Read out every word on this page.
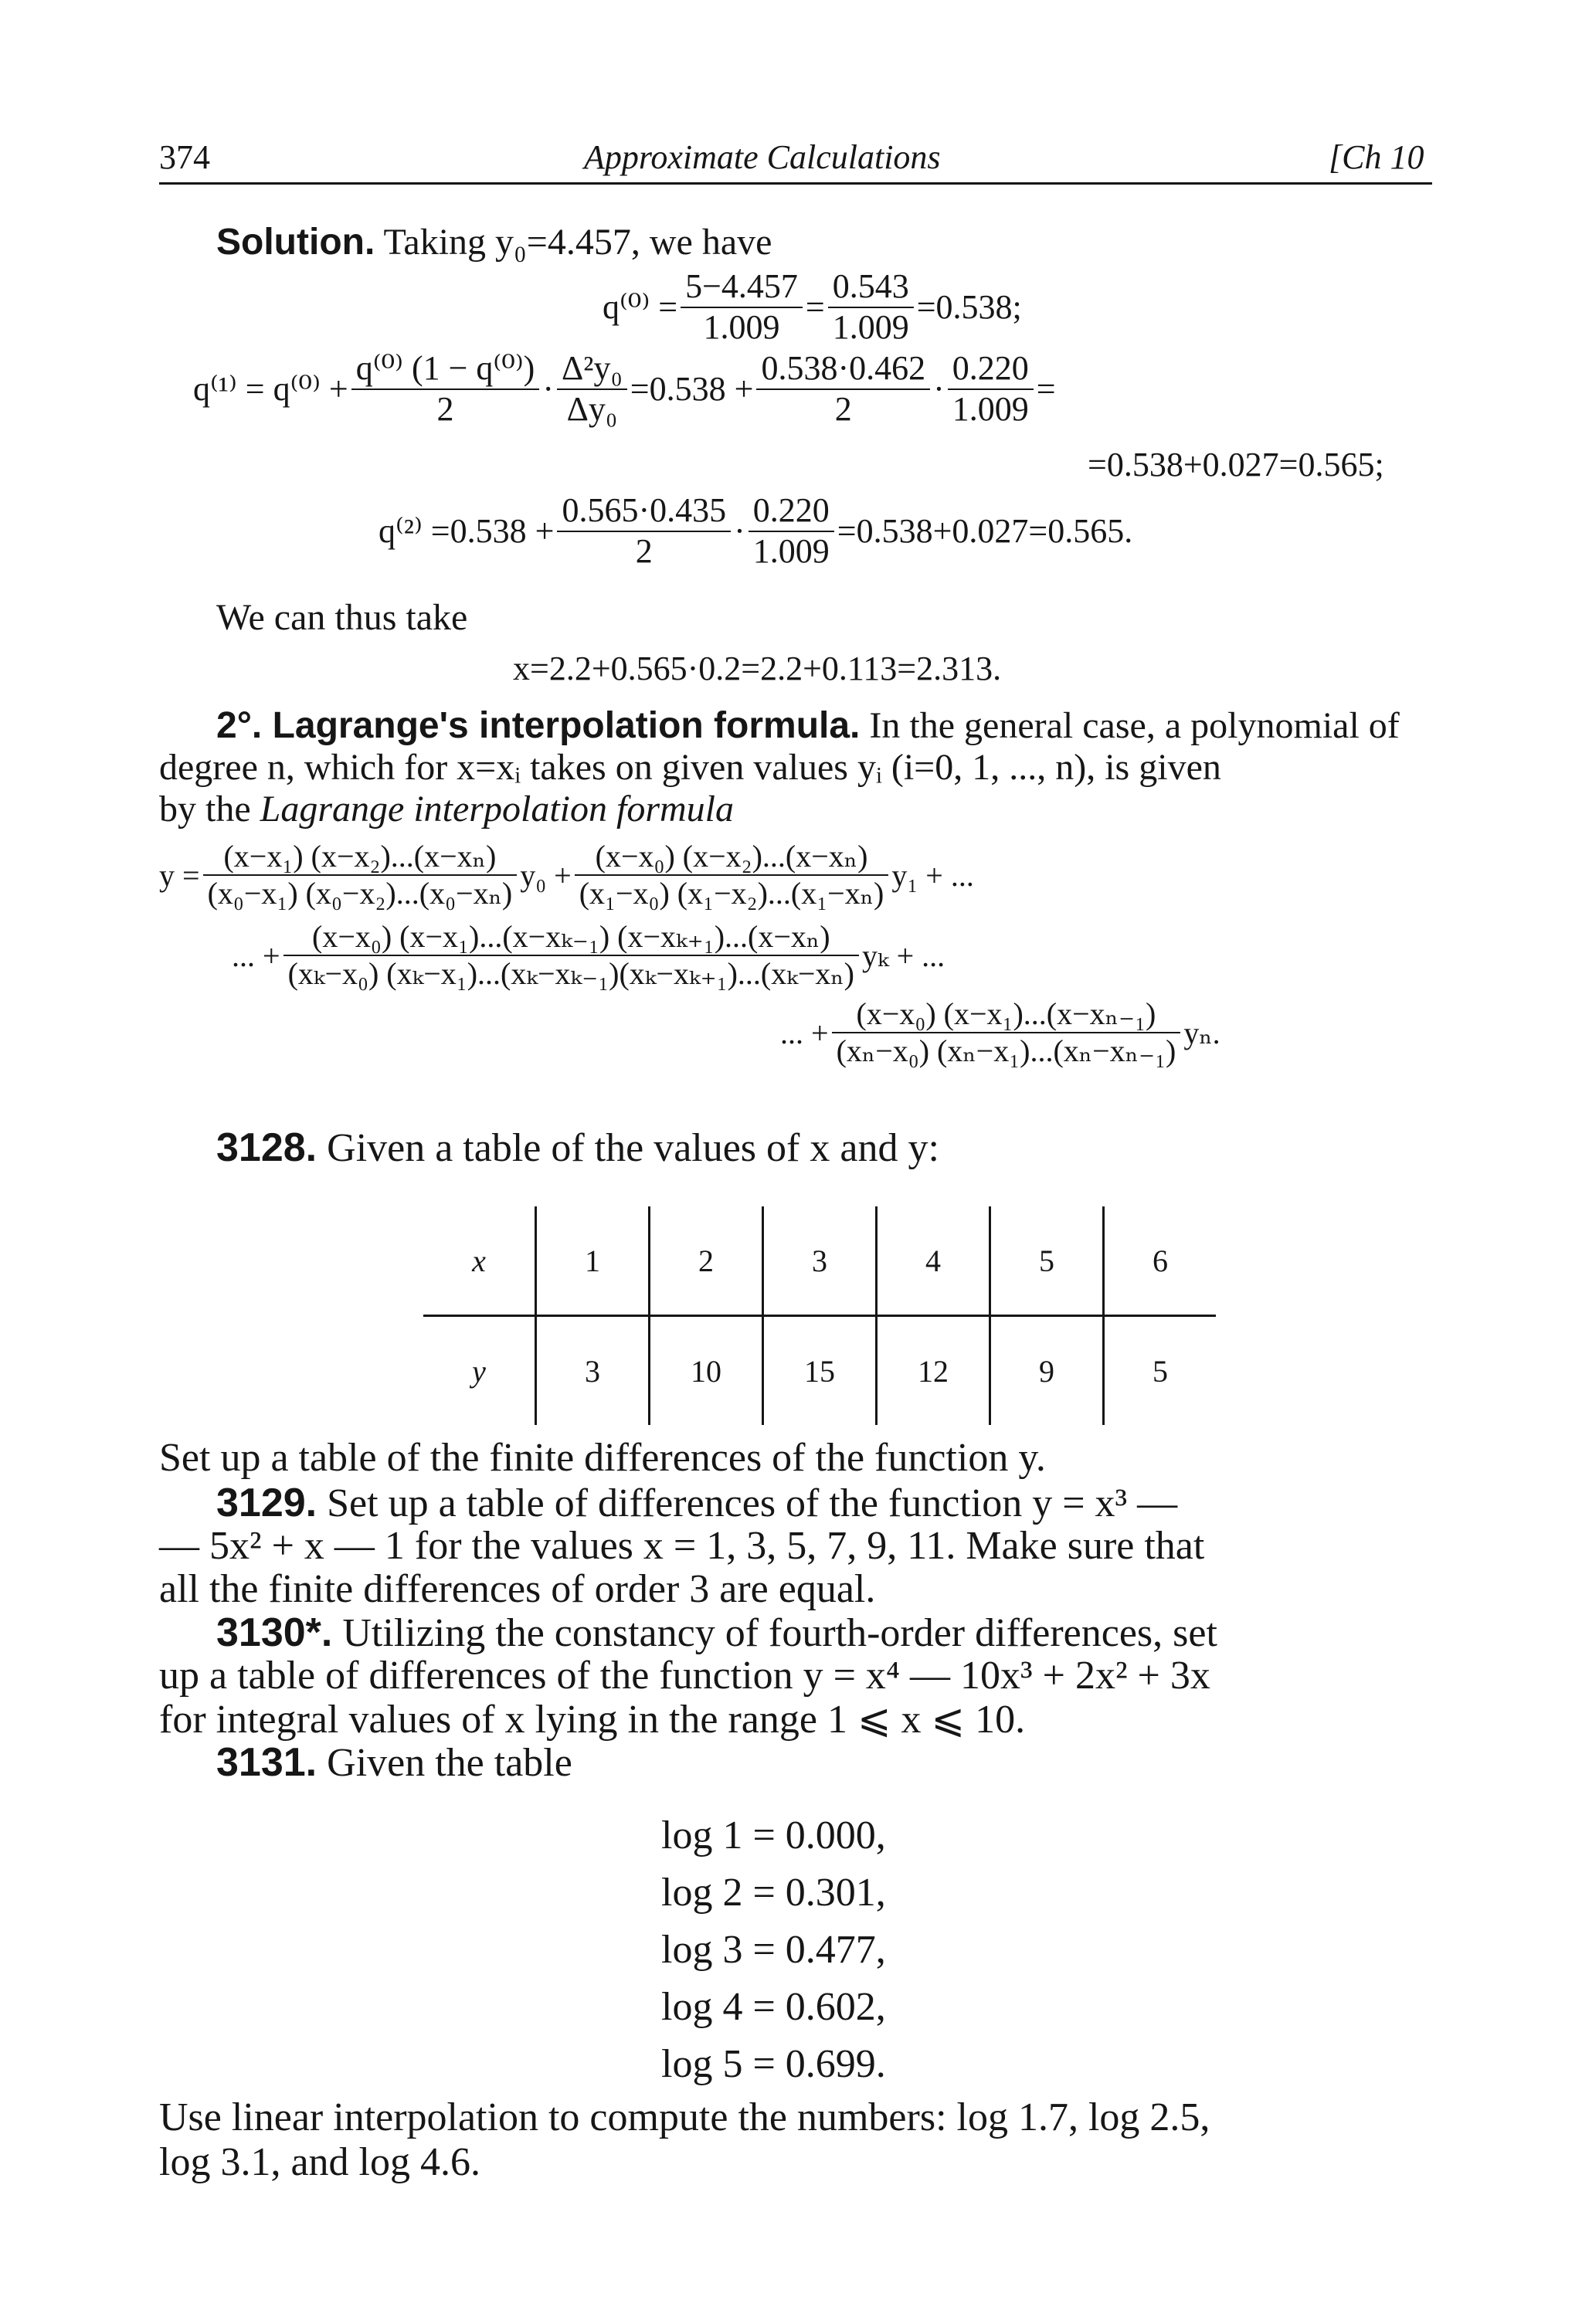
374	Approximate Calculations	[Ch 10
Solution. Taking y₀=4.457, we have
$q^{(0)} = \frac{5-4.457}{1.009} = \frac{0.543}{1.009} =0.538$;
$q^{(1)} = q^{(0)} + \frac{\text{q⁽⁰⁾ (1 − q⁽⁰⁾)}}{2} \cdot \frac{\text{Δ²y₀}}{\text{Δy₀}} =0.538 + \frac{0.538\cdot 0.462}{2} \cdot \frac{0.220}{1.009}$ =
=0.538+0.027=0.565;
$q^{(2)} =0.538 + \frac{0.565\cdot 0.435}{2} \cdot \frac{0.220}{1.009} =0.538+0.027=0.565$.
We can thus take
x=2.2+0.565·0.2=2.2+0.113=2.313.
2°. Lagrange's interpolation formula. In the general case, a polynomial of
degree n, which for x=xᵢ takes on given values yᵢ (i=0, 1, ..., n), is given
by the Lagrange interpolation formula
$y = \frac{\text{(x−x₁) (x−x₂)...(x−xₙ)}}{\text{(x₀−x₁) (x₀−x₂)...(x₀−xₙ)}} y_0 + \frac{\text{(x−x₀) (x−x₂)...(x−xₙ)}}{\text{(x₁−x₀) (x₁−x₂)...(x₁−xₙ)}} y_1$ + ...
... + $\frac{\text{(x−x₀) (x−x₁)...(x−xₖ₋₁) (x−xₖ₊₁)...(x−xₙ)}}{\text{(xₖ−x₀) (xₖ−x₁)...(xₖ−xₖ₋₁)(xₖ−xₖ₊₁)...(xₖ−xₙ)}}$ yₖ + ...
... + $\frac{\text{(x−x₀) (x−x₁)...(x−xₙ₋₁)}}{\text{(xₙ−x₀) (xₙ−x₁)...(xₙ−xₙ₋₁)}} y_n$.
3128. Given a table of the values of x and y:
x	1	2	3	4	5	6
y	3	10	15	12	9	5
Set up a table of the finite differences of the function y.
3129. Set up a table of differences of the function y = x³ —
— 5x² + x — 1 for the values x = 1, 3, 5, 7, 9, 11. Make sure that
all the finite differences of order 3 are equal.
3130*. Utilizing the constancy of fourth-order differences, set
up a table of differences of the function y = x⁴ — 10x³ + 2x² + 3x
for integral values of x lying in the range 1 ⩽ x ⩽ 10.
3131. Given the table
log 1 = 0.000,
log 2 = 0.301,
log 3 = 0.477,
log 4 = 0.602,
log 5 = 0.699.
Use linear interpolation to compute the numbers: log 1.7, log 2.5,
log 3.1, and log 4.6.
